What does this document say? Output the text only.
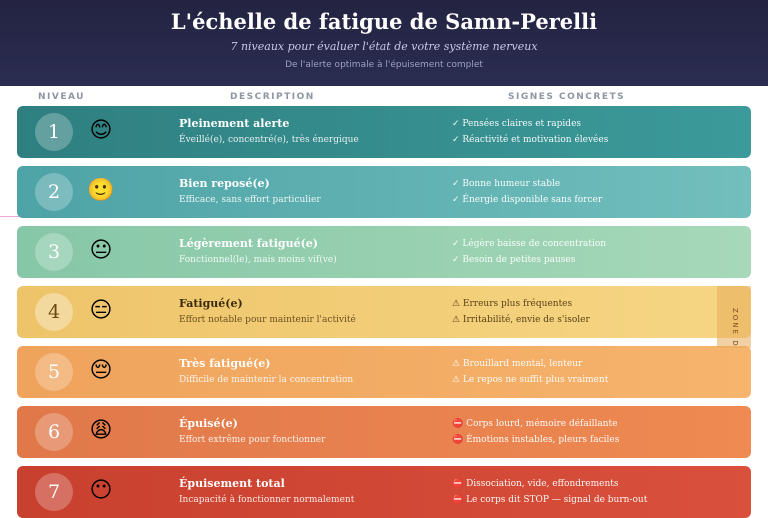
L'échelle de fatigue de Samn-Perelli
7 niveaux pour évaluer l'état de votre système nerveux
De l'alerte optimale à l'épuisement complet
NIVEAU	DESCRIPTION	SIGNES CONCRETS
1	😊	Pleinement alerte
Éveillé(e), concentré(e), très énergique
✓ Pensées claires et rapides
✓ Réactivité et motivation élevées
2	🙂	Bien reposé(e)
Efficace, sans effort particulier
✓ Bonne humeur stable
✓ Énergie disponible sans forcer
3	😐	Légèrement fatigué(e)
Fonctionnel(le), mais moins vif(ve)
✓ Légère baisse de concentration
✓ Besoin de petites pauses
4	😑	Fatigué(e)
Effort notable pour maintenir l'activité
⚠ Erreurs plus fréquentes
⚠ Irritabilité, envie de s'isoler
5	😔	Très fatigué(e)
Difficile de maintenir la concentration
⚠ Brouillard mental, lenteur
⚠ Le repos ne suffit plus vraiment
6	😩	Épuisé(e)
Effort extrême pour fonctionner
⛔ Corps lourd, mémoire défaillante
⛔ Émotions instables, pleurs faciles
7	😶	Épuisement total
Incapacité à fonctionner normalement
⛔ Dissociation, vide, effondrements
⛔ Le corps dit STOP — signal de burn-out
ZONE D
